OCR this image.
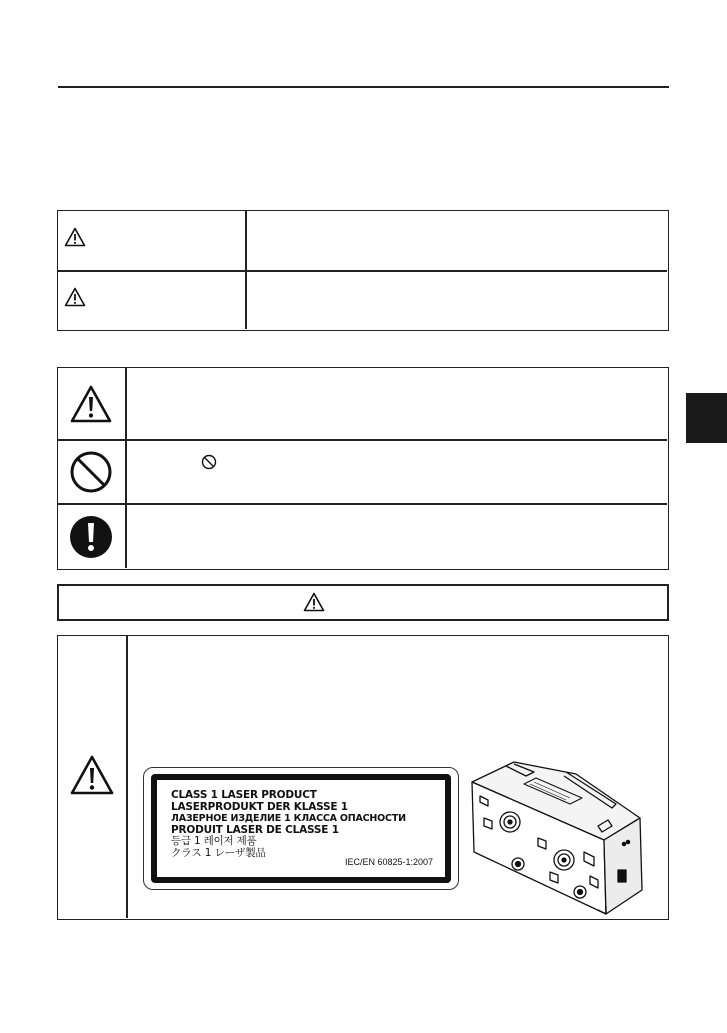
CLASS 1 LASER PRODUCT
LASERPRODUKT DER KLASSE 1
ЛАЗЕРНОЕ ИЗДЕЛИЕ 1 КЛАССА ОПАСНОСТИ
PRODUIT LASER DE CLASSE 1
등급 1 레이저 제품
クラス 1 レーザ製品
IEC/EN 60825-1:2007
